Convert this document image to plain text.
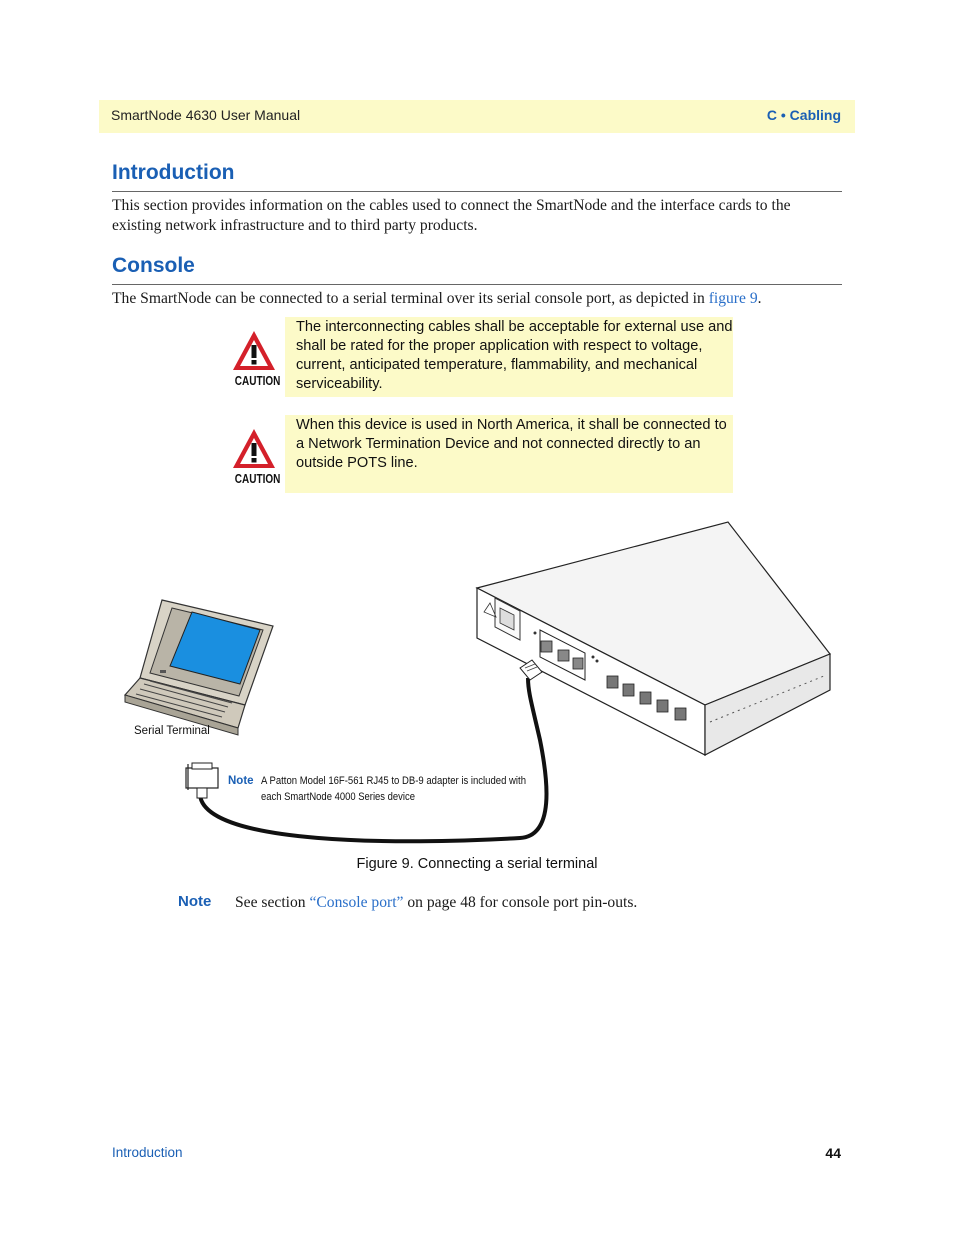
SmartNode 4630 User Manual	C • Cabling
Introduction
This section provides information on the cables used to connect the SmartNode and the interface cards to the existing network infrastructure and to third party products.
Console
The SmartNode can be connected to a serial terminal over its serial console port, as depicted in figure 9.
CAUTION
The interconnecting cables shall be acceptable for external use and shall be rated for the proper application with respect to voltage, current, anticipated temperature, flammability, and mechanical serviceability.
CAUTION
When this device is used in North America, it shall be connected to a Network Termination Device and not connected directly to an outside POTS line.
Serial Terminal
Note A Patton Model 16F-561 RJ45 to DB-9 adapter is included with
each SmartNode 4000 Series device
Figure 9. Connecting a serial terminal
Note See section “Console port” on page 48 for console port pin-outs.
Introduction	44
